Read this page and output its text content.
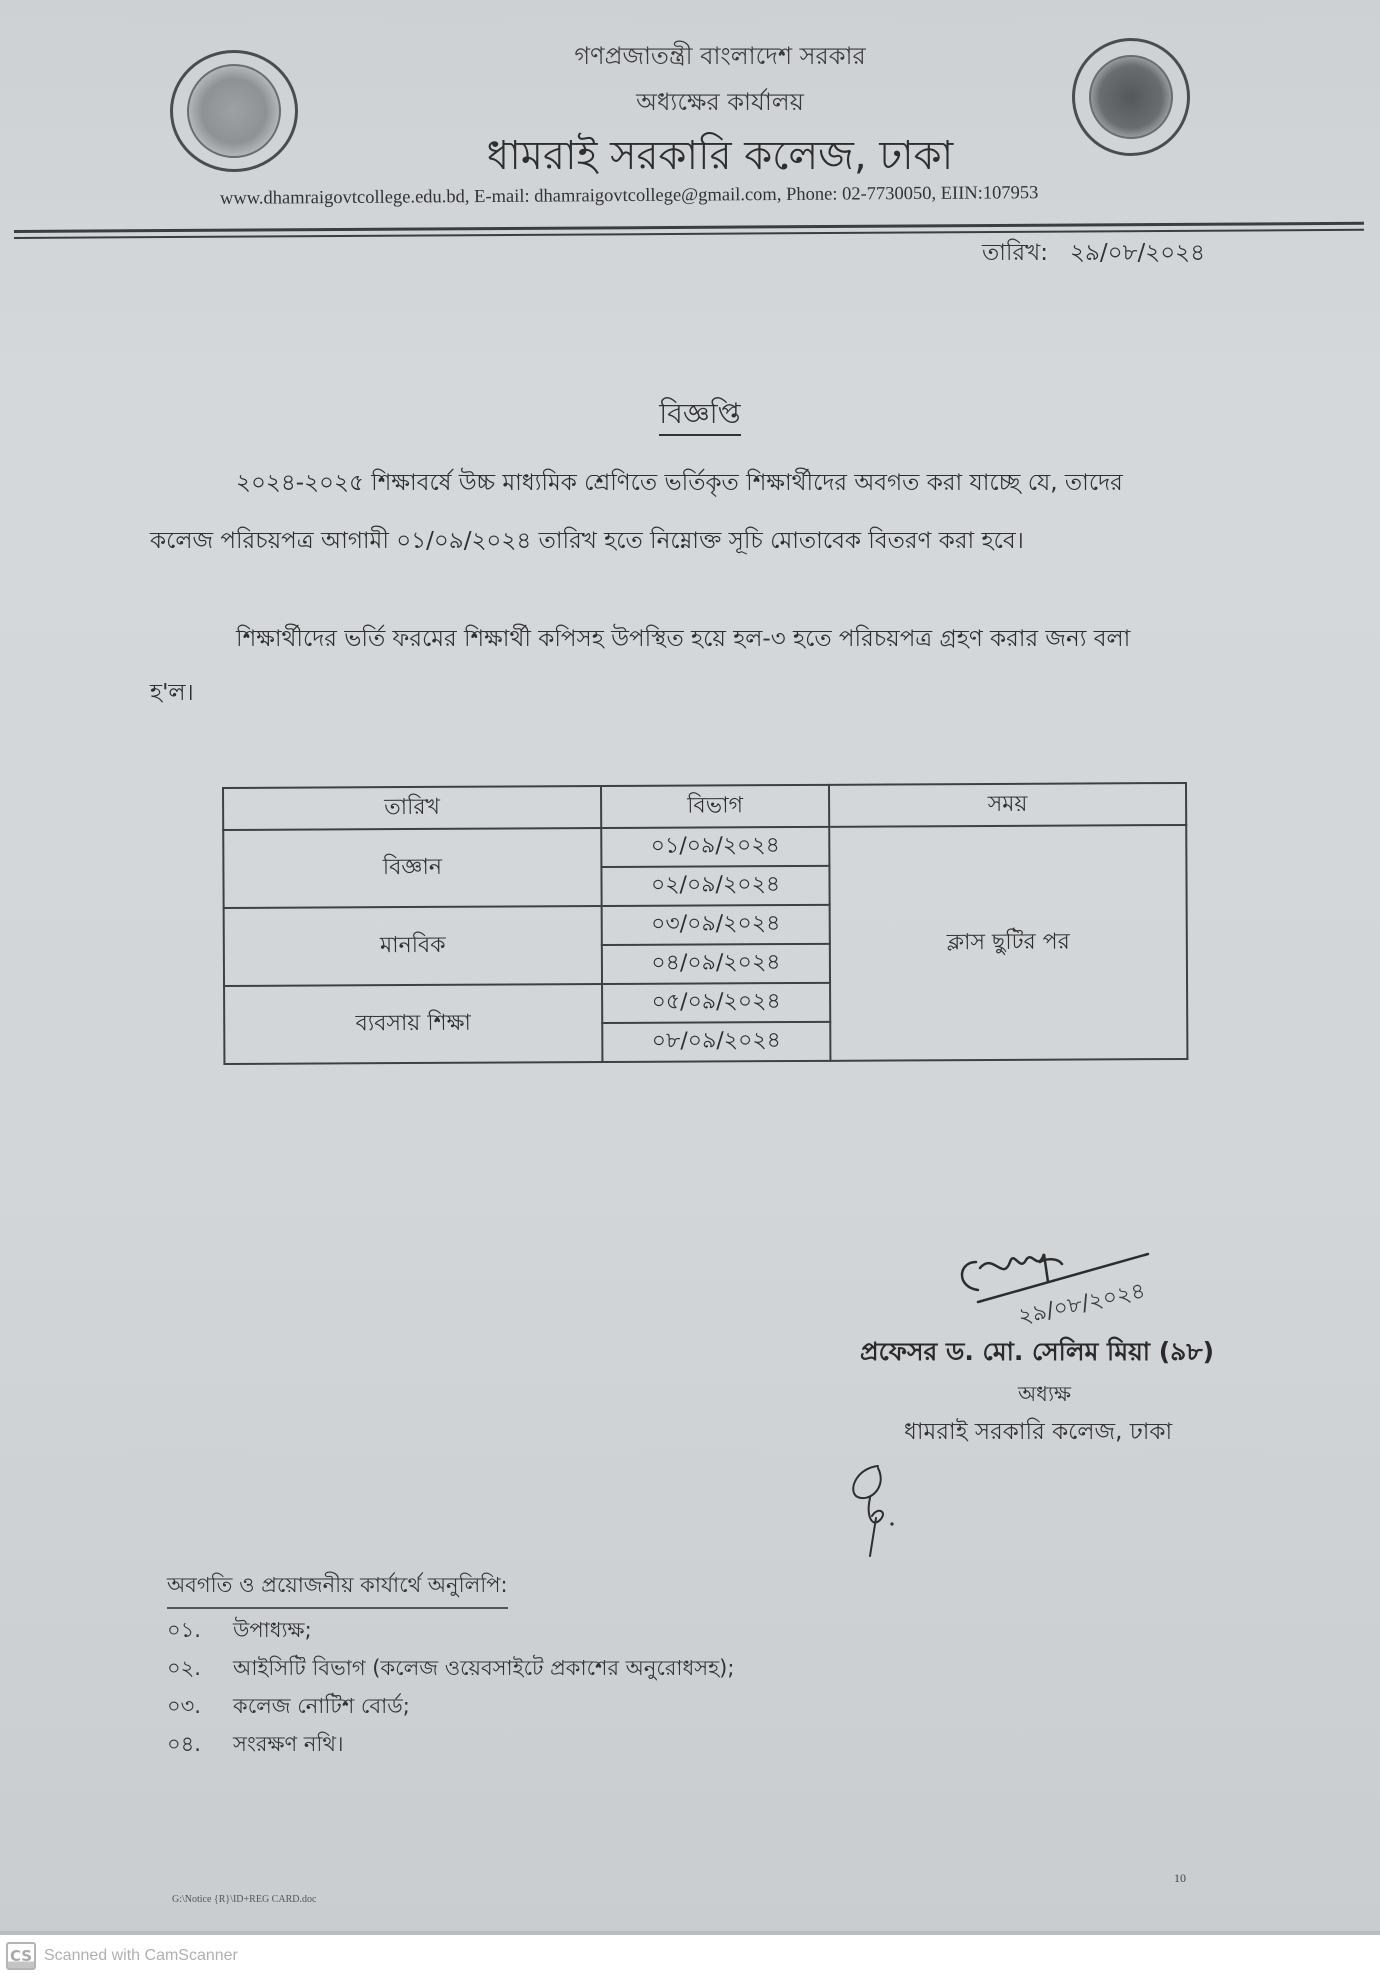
গণপ্রজাতন্ত্রী বাংলাদেশ সরকার
অধ্যক্ষের কার্যালয়
ধামরাই সরকারি কলেজ, ঢাকা
www.dhamraigovtcollege.edu.bd, E-mail: dhamraigovtcollege@gmail.com, Phone: 02-7730050, EIIN:107953
তারিখ: ২৯/০৮/২০২৪
বিজ্ঞপ্তি
২০২৪-২০২৫ শিক্ষাবর্ষে উচ্চ মাধ্যমিক শ্রেণিতে ভর্তিকৃত শিক্ষার্থীদের অবগত করা যাচ্ছে যে, তাদের
কলেজ পরিচয়পত্র আগামী ০১/০৯/২০২৪ তারিখ হতে নিম্নোক্ত সূচি মোতাবেক বিতরণ করা হবে।
শিক্ষার্থীদের ভর্তি ফরমের শিক্ষার্থী কপিসহ উপস্থিত হয়ে হল-৩ হতে পরিচয়পত্র গ্রহণ করার জন্য বলা
হ'ল।
তারিখ	বিভাগ	সময়
বিজ্ঞান	০১/০৯/২০২৪	ক্লাস ছুটির পর
	০২/০৯/২০২৪	
মানবিক	০৩/০৯/২০২৪	
	০৪/০৯/২০২৪	
ব্যবসায় শিক্ষা	০৫/০৯/২০২৪	
	০৮/০৯/২০২৪	
২৯/০৮/২০২৪
প্রফেসর ড. মো. সেলিম মিয়া (৯৮)
অধ্যক্ষ
ধামরাই সরকারি কলেজ, ঢাকা
অবগতি ও প্রয়োজনীয় কার্যার্থে অনুলিপি:
০১.	উপাধ্যক্ষ;
০২.	আইসিটি বিভাগ (কলেজ ওয়েবসাইটে প্রকাশের অনুরোধসহ);
০৩.	কলেজ নোটিশ বোর্ড;
০৪.	সংরক্ষণ নথি।
G:\Notice {R}\ID+REG CARD.doc
10
CS Scanned with CamScanner
